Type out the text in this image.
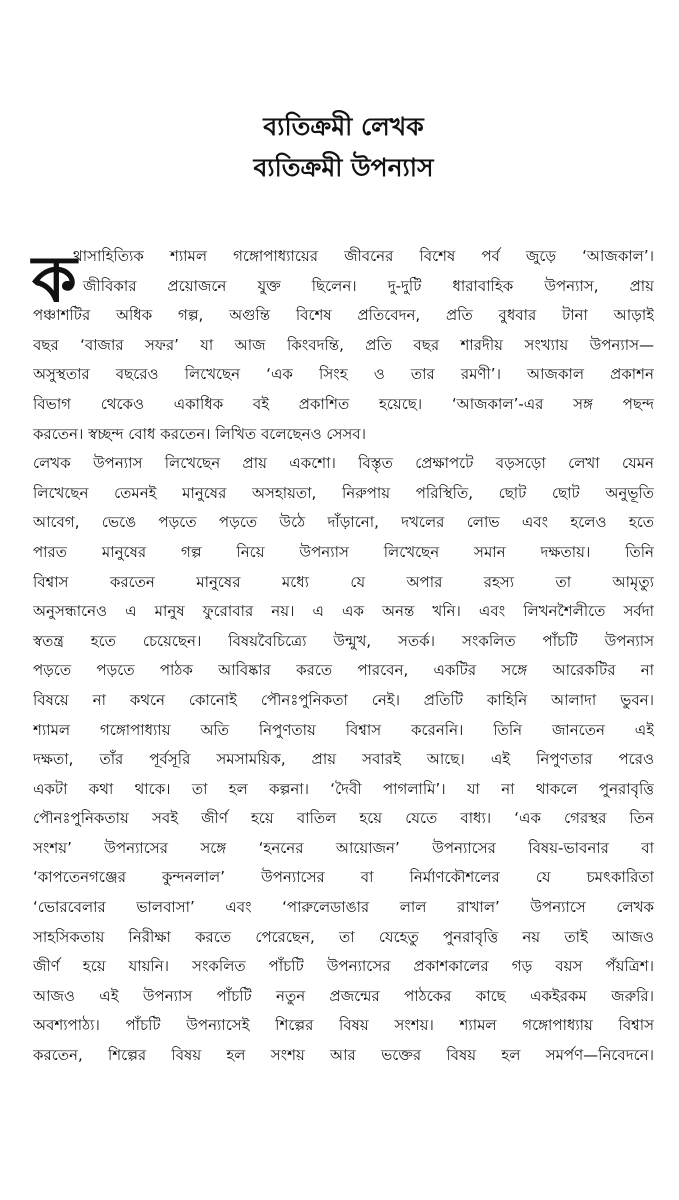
ব্যতিক্রমী লেখক
ব্যতিক্রমী উপন্যাস
ক
থাসাহিত্যিক শ্যামল গঙ্গোপাধ্যায়ের জীবনের বিশেষ পর্ব জুড়ে ‘আজকাল’।
জীবিকার প্রয়োজনে যুক্ত ছিলেন। দু-দুটি ধারাবাহিক উপন্যাস, প্রায়
পঞ্চাশটির অধিক গল্প, অগুন্তি বিশেষ প্রতিবেদন, প্রতি বুধবার টানা আড়াই
বছর ‘বাজার সফর’ যা আজ কিংবদন্তি, প্রতি বছর শারদীয় সংখ্যায় উপন্যাস—
অসুস্থতার বছরেও লিখেছেন ‘এক সিংহ ও তার রমণী’। আজকাল প্রকাশন
বিভাগ থেকেও একাধিক বই প্রকাশিত হয়েছে। ‘আজকাল’-এর সঙ্গ পছন্দ
করতেন। স্বচ্ছন্দ বোধ করতেন। লিখিত বলেছেনও সেসব।
লেখক উপন্যাস লিখেছেন প্রায় একশো। বিস্তৃত প্রেক্ষাপটে বড়সড়ো লেখা যেমন
লিখেছেন তেমনই মানুষের অসহায়তা, নিরুপায় পরিস্থিতি, ছোট ছোট অনুভূতি
আবেগ, ভেঙে পড়তে পড়তে উঠে দাঁড়ানো, দখলের লোভ এবং হলেও হতে
পারত মানুষের গল্প নিয়ে উপন্যাস লিখেছেন সমান দক্ষতায়। তিনি
বিশ্বাস করতেন মানুষের মধ্যে যে অপার রহস্য তা আমৃত্যু
অনুসন্ধানেও এ মানুষ ফুরোবার নয়। এ এক অনন্ত খনি। এবং লিখনশৈলীতে সর্বদা
স্বতন্ত্র হতে চেয়েছেন। বিষয়বৈচিত্র্যে উন্মুখ, সতর্ক। সংকলিত পাঁচটি উপন্যাস
পড়তে পড়তে পাঠক আবিষ্কার করতে পারবেন, একটির সঙ্গে আরেকটির না
বিষয়ে না কথনে কোনোই পৌনঃপুনিকতা নেই। প্রতিটি কাহিনি আলাদা ভুবন।
শ্যামল গঙ্গোপাধ্যায় অতি নিপুণতায় বিশ্বাস করেননি। তিনি জানতেন এই
দক্ষতা, তাঁর পূর্বসূরি সমসাময়িক, প্রায় সবারই আছে। এই নিপুণতার পরেও
একটা কথা থাকে। তা হল কল্পনা। ‘দৈবী পাগলামি’। যা না থাকলে পুনরাবৃত্তি
পৌনঃপুনিকতায় সবই জীর্ণ হয়ে বাতিল হয়ে যেতে বাধ্য। ‘এক গেরস্থর তিন
সংশয়’ উপন্যাসের সঙ্গে ‘হননের আয়োজন’ উপন্যাসের বিষয়-ভাবনার বা
‘কাপতেনগঞ্জের কুন্দনলাল’ উপন্যাসের বা নির্মাণকৌশলের যে চমৎকারিতা
‘ভোরবেলার ভালবাসা’ এবং ‘পারুলেডাঙার লাল রাখাল’ উপন্যাসে লেখক
সাহসিকতায় নিরীক্ষা করতে পেরেছেন, তা যেহেতু পুনরাবৃত্তি নয় তাই আজও
জীর্ণ হয়ে যায়নি। সংকলিত পাঁচটি উপন্যাসের প্রকাশকালের গড় বয়স পঁয়ত্রিশ।
আজও এই উপন্যাস পাঁচটি নতুন প্রজন্মের পাঠকের কাছে একইরকম জরুরি।
অবশ্যপাঠ্য। পাঁচটি উপন্যাসেই শিল্পের বিষয় সংশয়। শ্যামল গঙ্গোপাধ্যায় বিশ্বাস
করতেন, শিল্পের বিষয় হল সংশয় আর ভক্তের বিষয় হল সমর্পণ—নিবেদনে।
